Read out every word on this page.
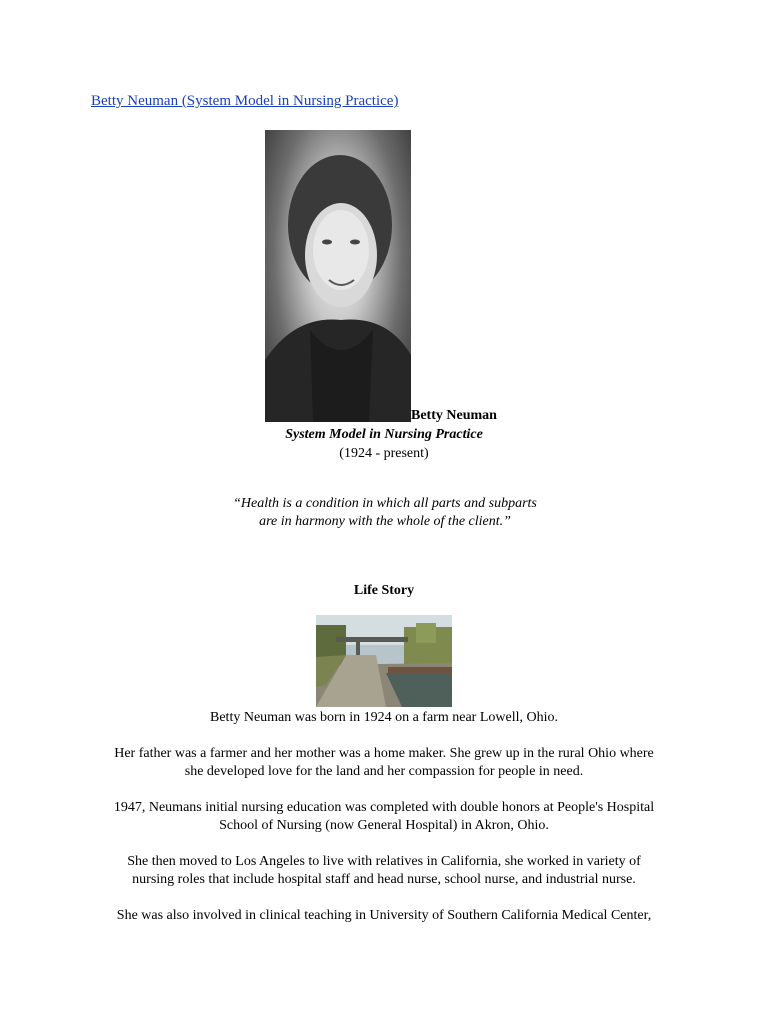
Betty Neuman (System Model in Nursing Practice)
Betty Neuman
System Model in Nursing Practice
(1924 - present)
“Health is a condition in which all parts and subparts
are in harmony with the whole of the client.”
Life Story
Betty Neuman was born in 1924 on a farm near Lowell, Ohio.
Her father was a farmer and her mother was a home maker. She grew up in the rural Ohio where
she developed love for the land and her compassion for people in need.
1947, Neumans initial nursing education was completed with double honors at People's Hospital
School of Nursing (now General Hospital) in Akron, Ohio.
She then moved to Los Angeles to live with relatives in California, she worked in variety of
nursing roles that include hospital staff and head nurse, school nurse, and industrial nurse.
She was also involved in clinical teaching in University of Southern California Medical Center,
